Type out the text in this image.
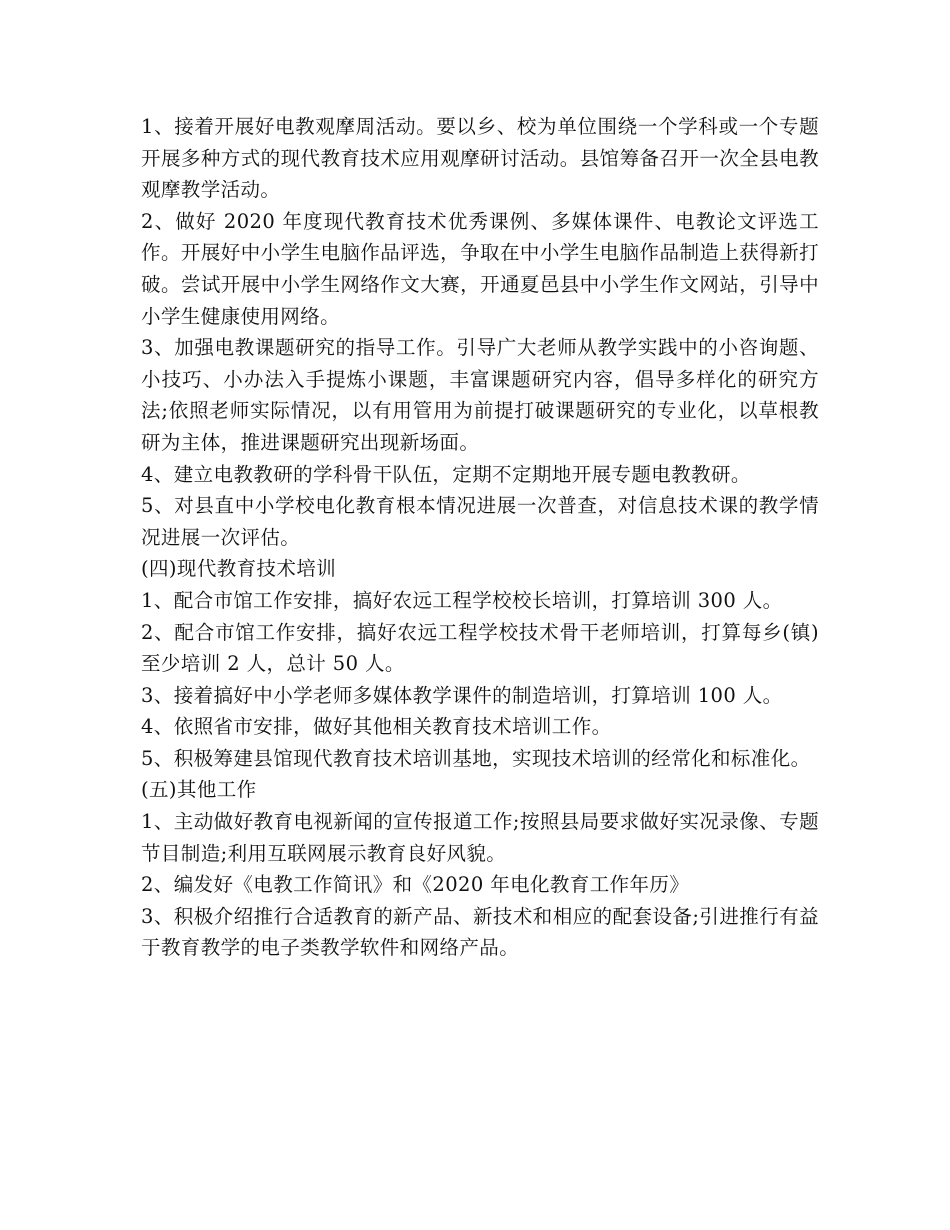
1、接着开展好电教观摩周活动。要以乡、校为单位围绕一个学科或一个专题开展多种方式的现代教育技术应用观摩研讨活动。县馆筹备召开一次全县电教观摩教学活动。

2、做好 2020 年度现代教育技术优秀课例、多媒体课件、电教论文评选工作。开展好中小学生电脑作品评选，争取在中小学生电脑作品制造上获得新打破。尝试开展中小学生网络作文大赛，开通夏邑县中小学生作文网站，引导中小学生健康使用网络。

3、加强电教课题研究的指导工作。引导广大老师从教学实践中的小咨询题、小技巧、小办法入手提炼小课题，丰富课题研究内容，倡导多样化的研究方法;依照老师实际情况，以有用管用为前提打破课题研究的专业化，以草根教研为主体，推进课题研究出现新场面。

4、建立电教教研的学科骨干队伍，定期不定期地开展专题电教教研。

5、对县直中小学校电化教育根本情况进展一次普查，对信息技术课的教学情况进展一次评估。

(四)现代教育技术培训

1、配合市馆工作安排，搞好农远工程学校校长培训，打算培训 300 人。

2、配合市馆工作安排，搞好农远工程学校技术骨干老师培训，打算每乡(镇)至少培训 2 人，总计 50 人。

3、接着搞好中小学老师多媒体教学课件的制造培训，打算培训 100 人。

4、依照省市安排，做好其他相关教育技术培训工作。

5、积极筹建县馆现代教育技术培训基地，实现技术培训的经常化和标准化。

(五)其他工作

1、主动做好教育电视新闻的宣传报道工作;按照县局要求做好实况录像、专题节目制造;利用互联网展示教育良好风貌。

2、编发好《电教工作简讯》和《2020 年电化教育工作年历》

3、积极介绍推行合适教育的新产品、新技术和相应的配套设备;引进推行有益于教育教学的电子类教学软件和网络产品。
